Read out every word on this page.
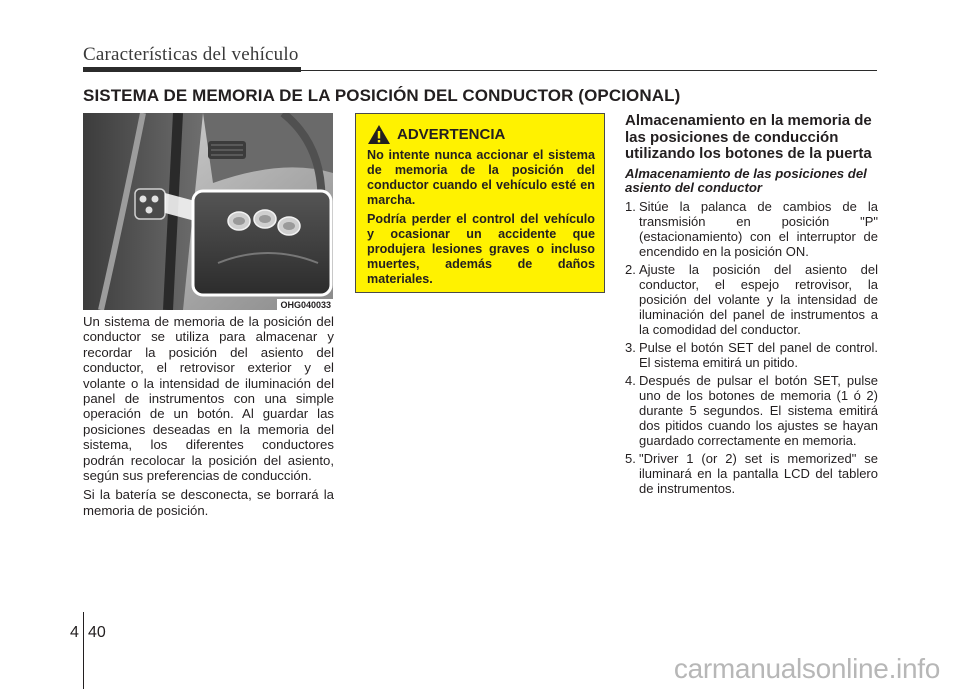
Características del vehículo
SISTEMA DE MEMORIA DE LA POSICIÓN DEL CONDUCTOR (OPCIONAL)
OHG040033

Un sistema de memoria de la posición del conductor se utiliza para almacenar y recordar la posición del asiento del conductor, el retrovisor exterior y el volante o la intensidad de iluminación del panel de instrumentos con una simple operación de un botón. Al guardar las posiciones deseadas en la memoria del sistema, los diferentes conductores podrán recolocar la posición del asiento, según sus preferencias de conducción.

Si la batería se desconecta, se borrará la memoria de posición.

ADVERTENCIA

No intente nunca accionar el sistema de memoria de la posición del conductor cuando el vehículo esté en marcha.

Podría perder el control del vehículo y ocasionar un accidente que produjera lesiones graves o incluso muertes, además de daños materiales.

Almacenamiento en la memoria de las posiciones de conducción utilizando los botones de la puerta
Almacenamiento de las posiciones del asiento del conductor
1. Sitúe la palanca de cambios de la transmisión en posición "P" (estacionamiento) con el interruptor de encendido en la posición ON.
2. Ajuste la posición del asiento del conductor, el espejo retrovisor, la posición del volante y la intensidad de iluminación del panel de instrumentos a la comodidad del conductor.
3. Pulse el botón SET del panel de control. El sistema emitirá un pitido.
4. Después de pulsar el botón SET, pulse uno de los botones de memoria (1 ó 2) durante 5 segundos. El sistema emitirá dos pitidos cuando los ajustes se hayan guardado correctamente en memoria.
5. "Driver 1 (or 2) set is memorized" se iluminará en la pantalla LCD del tablero de instrumentos.
4 40
carmanualsonline.info
